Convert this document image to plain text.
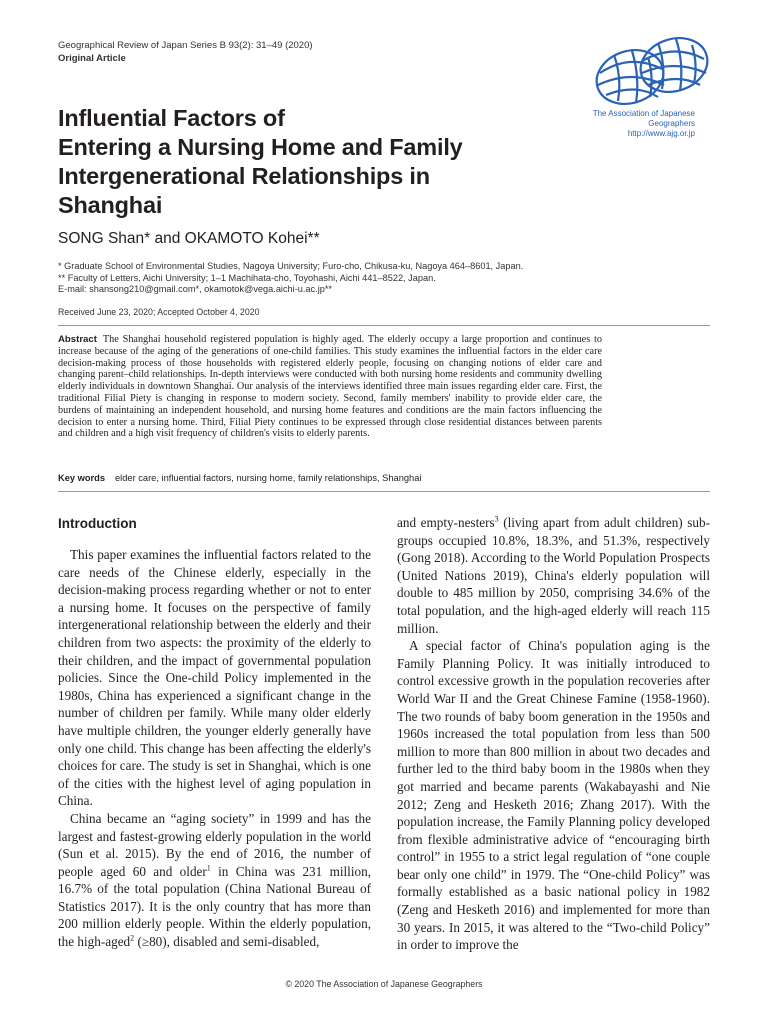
Geographical Review of Japan Series B 93(2): 31–49 (2020)
Original Article
The Association of Japanese Geographers
http://www.ajg.or.jp
Influential Factors of
Entering a Nursing Home and Family
Intergenerational Relationships in
Shanghai
SONG Shan* and OKAMOTO Kohei**
* Graduate School of Environmental Studies, Nagoya University; Furo-cho, Chikusa-ku, Nagoya 464–8601, Japan.
** Faculty of Letters, Aichi University; 1–1 Machihata-cho, Toyohashi, Aichi 441–8522, Japan.
E-mail: shansong210@gmail.com*, okamotok@vega.aichi-u.ac.jp**
Received June 23, 2020; Accepted October 4, 2020
Abstract The Shanghai household registered population is highly aged. The elderly occupy a large proportion and continues to increase because of the aging of the generations of one-child families. This study examines the influential factors in the elder care decision-making process of those households with registered elderly people, focusing on changing notions of elder care and changing parent–child relationships. In-depth interviews were conducted with both nursing home residents and community dwelling elderly individuals in downtown Shanghai. Our analysis of the interviews identified three main issues regarding elder care. First, the traditional Filial Piety is changing in response to modern society. Second, family members' inability to provide elder care, the burdens of maintaining an independent household, and nursing home features and conditions are the main factors influencing the decision to enter a nursing home. Third, Filial Piety continues to be expressed through close residential distances between parents and children and a high visit frequency of children's visits to elderly parents.
Key words elder care, influential factors, nursing home, family relationships, Shanghai
Introduction

This paper examines the influential factors related to the care needs of the Chinese elderly, especially in the decision-making process regarding whether or not to enter a nursing home. It focuses on the perspective of family intergenerational relationship between the elderly and their children from two aspects: the proximity of the elderly to their children, and the impact of governmental population policies. Since the One-child Policy implemented in the 1980s, China has experienced a significant change in the number of children per family. While many older elderly have multiple children, the younger elderly generally have only one child. This change has been affecting the elderly's choices for care. The study is set in Shanghai, which is one of the cities with the highest level of aging population in China.

China became an “aging society” in 1999 and has the largest and fastest-growing elderly population in the world (Sun et al. 2015). By the end of 2016, the number of people aged 60 and older$^1$ in China was 231 million, 16.7% of the total population (China National Bureau of Statistics 2017). It is the only country that has more than 200 million elderly people. Within the elderly population, the high-aged$^2$ (≥80), disabled and semi-disabled,

and empty-nesters$^3$ (living apart from adult children) sub-groups occupied 10.8%, 18.3%, and 51.3%, respectively (Gong 2018). According to the World Population Prospects (United Nations 2019), China's elderly population will double to 485 million by 2050, comprising 34.6% of the total population, and the high-aged elderly will reach 115 million.

A special factor of China's population aging is the Family Planning Policy. It was initially introduced to control excessive growth in the population recoveries after World War II and the Great Chinese Famine (1958-1960). The two rounds of baby boom generation in the 1950s and 1960s increased the total population from less than 500 million to more than 800 million in about two decades and further led to the third baby boom in the 1980s when they got married and became parents (Wakabayashi and Nie 2012; Zeng and Hesketh 2016; Zhang 2017). With the population increase, the Family Planning policy developed from flexible administrative advice of “encouraging birth control” in 1955 to a strict legal regulation of “one couple bear only one child” in 1979. The “One-child Policy” was formally established as a basic national policy in 1982 (Zeng and Hesketh 2016) and implemented for more than 30 years. In 2015, it was altered to the “Two-child Policy” in order to improve the

© 2020 The Association of Japanese Geographers
